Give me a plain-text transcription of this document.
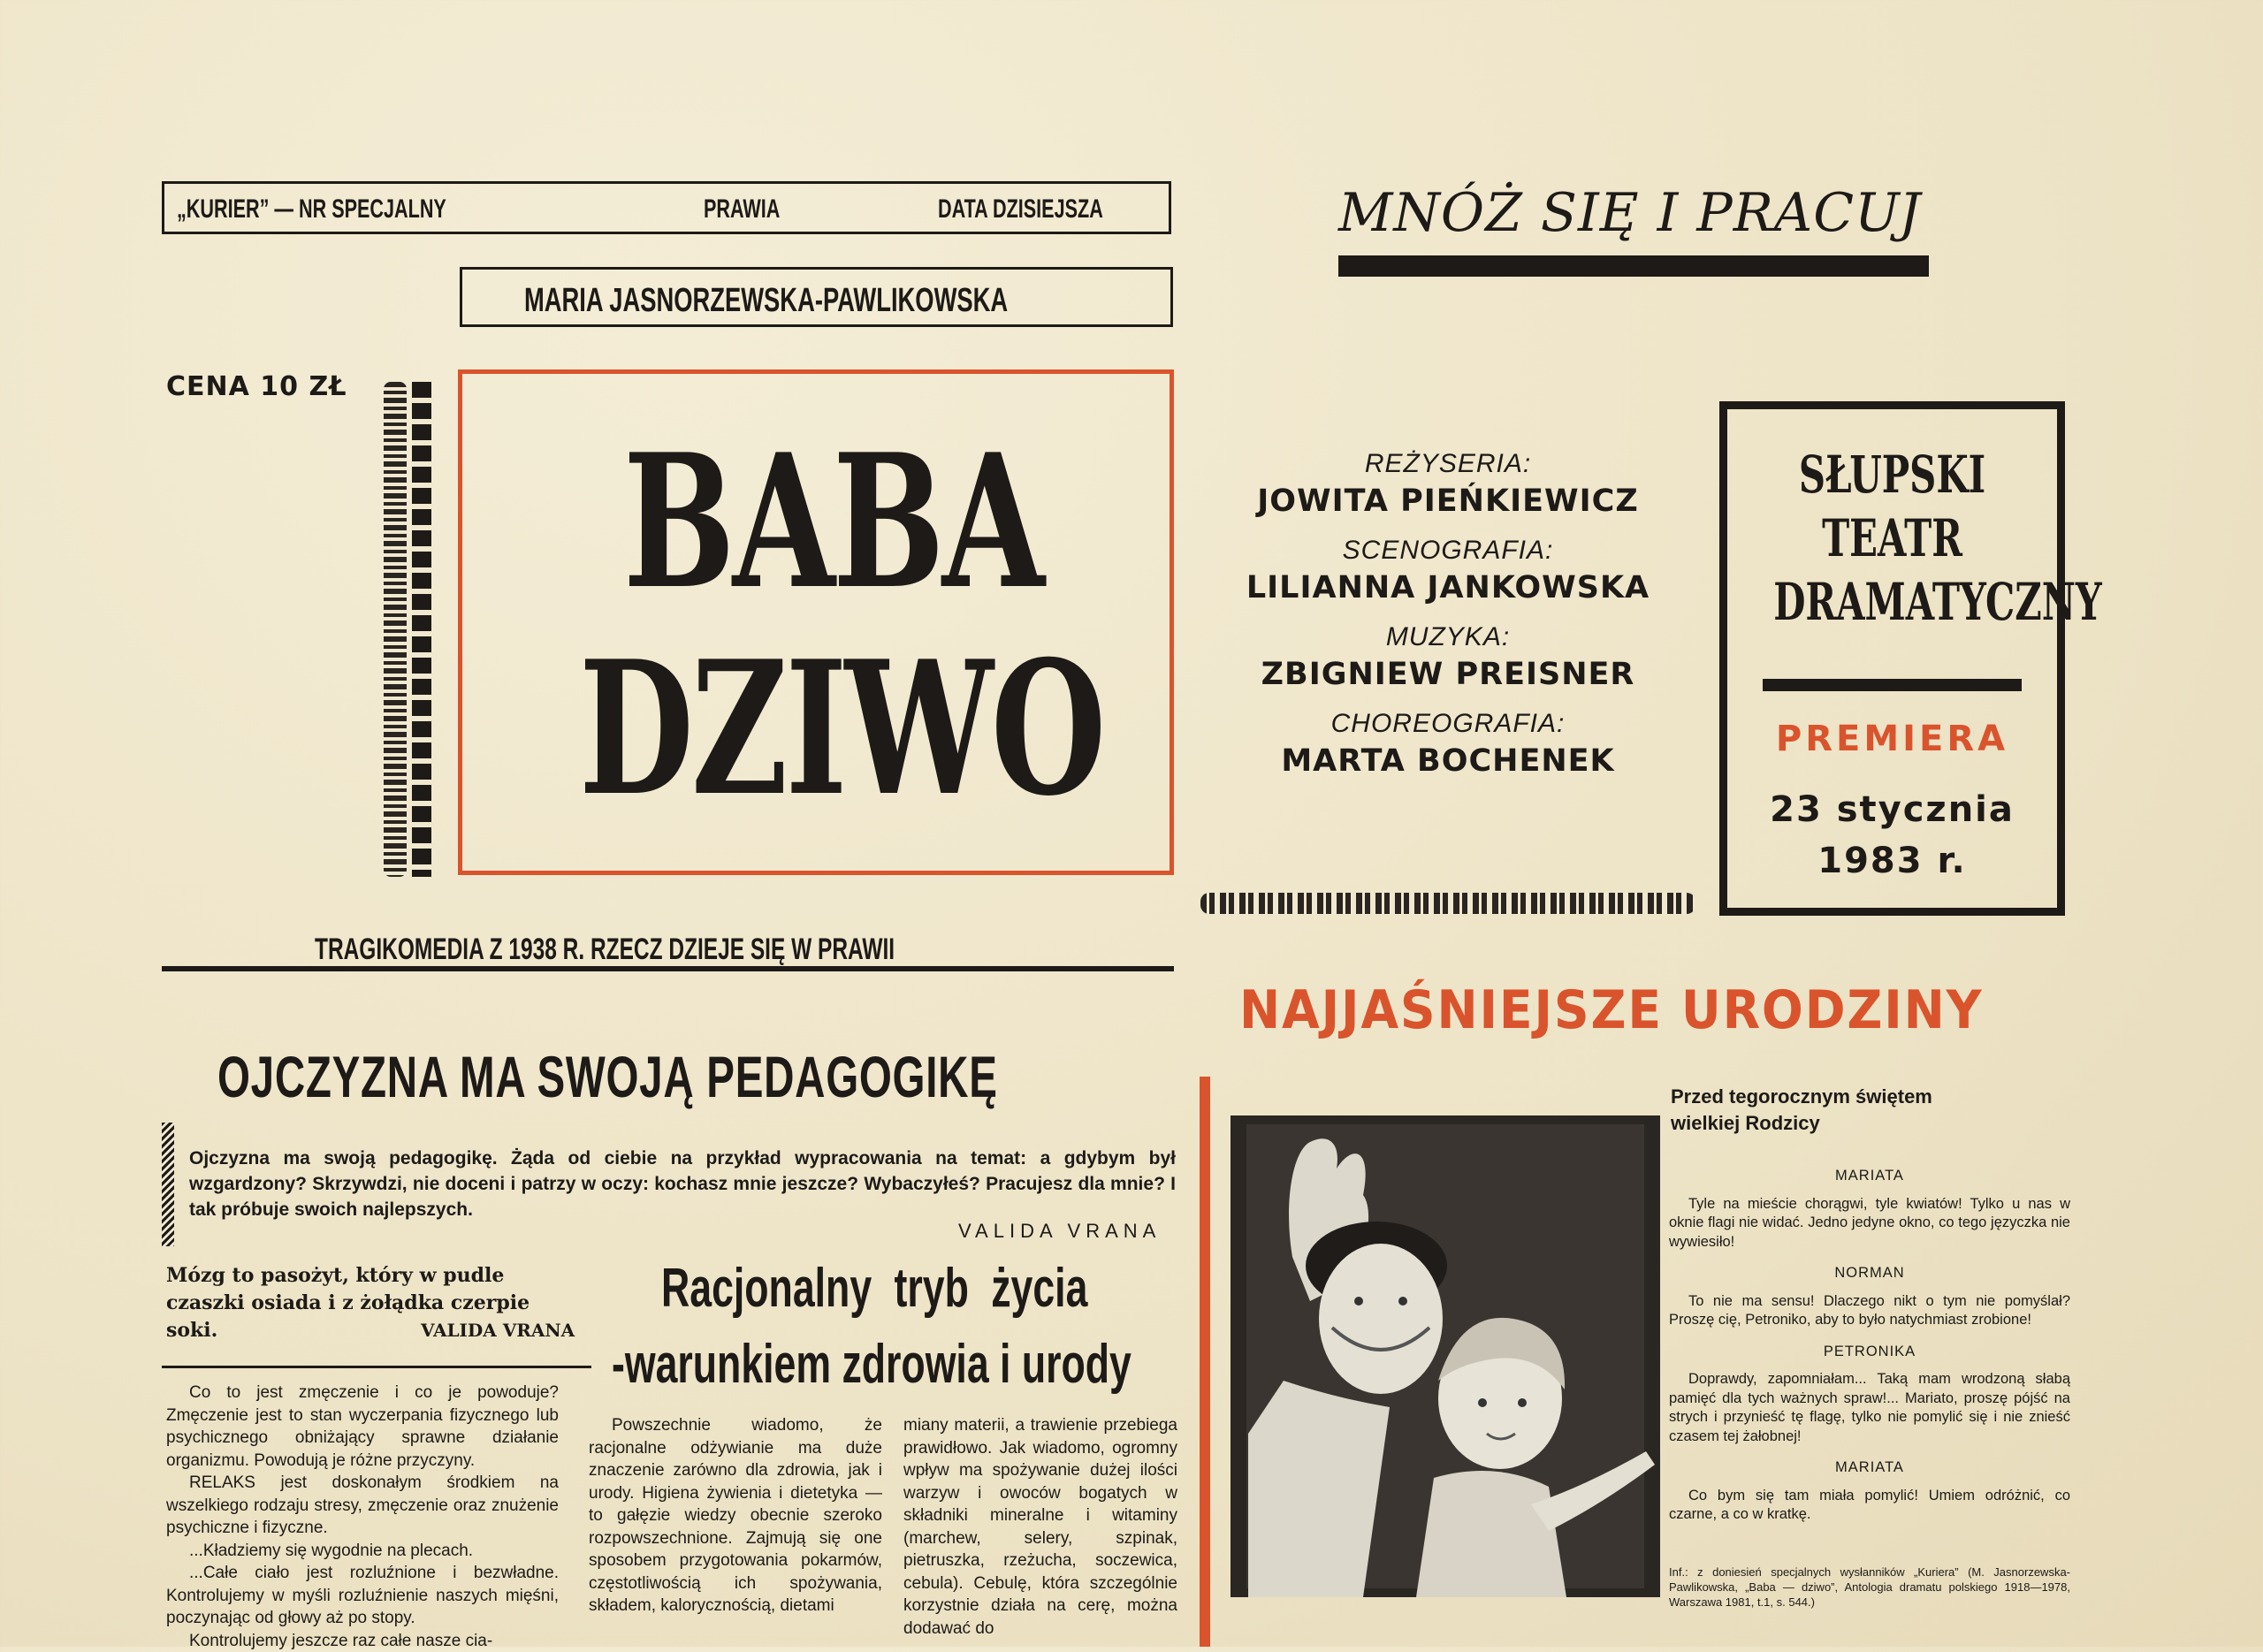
„KURIER” — NR SPECJALNY	PRAWIA	DATA DZISIEJSZA
MARIA JASNORZEWSKA-PAWLIKOWSKA
CENA 10 ZŁ
BABA
DZIWO
TRAGIKOMEDIA Z 1938 R. RZECZ DZIEJE SIĘ W PRAWII
OJCZYZNA MA SWOJĄ PEDAGOGIKĘ
Ojczyzna ma swoją pedagogikę. Żąda od ciebie na przykład wypracowania na temat: a gdybym był wzgardzony? Skrzywdzi, nie doceni i patrzy w oczy: kochasz mnie jeszcze? Wybaczyłeś? Pracujesz dla mnie? I tak próbuje swoich najlepszych.
VALIDA VRANA
Mózg to pasożyt, który w pudle czaszki osiada i z żołądka czerpie soki.	VALIDA VRANA

Co to jest zmęczenie i co je powoduje? Zmęczenie jest to stan wyczerpania fizycznego lub psychicznego obniżający sprawne działanie organizmu. Powodują je różne przyczyny.

RELAKS jest doskonałym środkiem na wszelkiego rodzaju stresy, zmęczenie oraz znużenie psychiczne i fizyczne.

...Kładziemy się wygodnie na plecach.

...Całe ciało jest rozluźnione i bezwładne. Kontrolujemy w myśli rozluźnienie naszych mięśni, poczynając od głowy aż po stopy.

Kontrolujemy jeszcze raz całe nasze cia-

Racjonalny tryb życia
-warunkiem zdrowia i urody

Powszechnie wiadomo, że racjonalne odżywianie ma duże znaczenie zarówno dla zdrowia, jak i urody. Higiena żywienia i dietetyka — to gałęzie wiedzy obecnie szeroko rozpowszechnione. Zajmują się one sposobem przygotowania pokarmów, częstotliwością ich spożywania, składem, kalorycznością, dietami

miany materii, a trawienie przebiega prawidłowo. Jak wiadomo, ogromny wpływ ma spożywanie dużej ilości warzyw i owoców bogatych w składniki mineralne i witaminy (marchew, selery, szpinak, pietruszka, rzeżucha, soczewica, cebula). Cebulę, która szczególnie korzystnie działa na cerę, można dodawać do

MNÓŻ SIĘ I PRACUJ
REŻYSERIA:
JOWITA PIEŃKIEWICZ
SCENOGRAFIA:
LILIANNA JANKOWSKA
MUZYKA:
ZBIGNIEW PREISNER
CHOREOGRAFIA:
MARTA BOCHENEK
SŁUPSKI
TEATR
DRAMATYCZNY
PREMIERA
23 stycznia
1983 r.
NAJJAŚNIEJSZE URODZINY
Przed tegorocznym świętem wielkiej Rodzicy
MARIATA

Tyle na mieście chorągwi, tyle kwiatów! Tylko u nas w oknie flagi nie widać. Jedno jedyne okno, co tego języczka nie wywiesiło!

NORMAN

To nie ma sensu! Dlaczego nikt o tym nie pomyślał? Proszę cię, Petroniko, aby to było natychmiast zrobione!

PETRONIKA

Doprawdy, zapomniałam... Taką mam wrodzoną słabą pamięć dla tych ważnych spraw!... Mariato, proszę pójść na strych i przynieść tę flagę, tylko nie pomylić się i nie znieść czasem tej żałobnej!

MARIATA

Co bym się tam miała pomylić! Umiem odróżnić, co czarne, a co w kratkę.

Inf.: z doniesień specjalnych wysłanników „Kuriera” (M. Jasnorzewska-Pawlikowska, „Baba — dziwo”, Antologia dramatu polskiego 1918—1978, Warszawa 1981, t.1, s. 544.)
